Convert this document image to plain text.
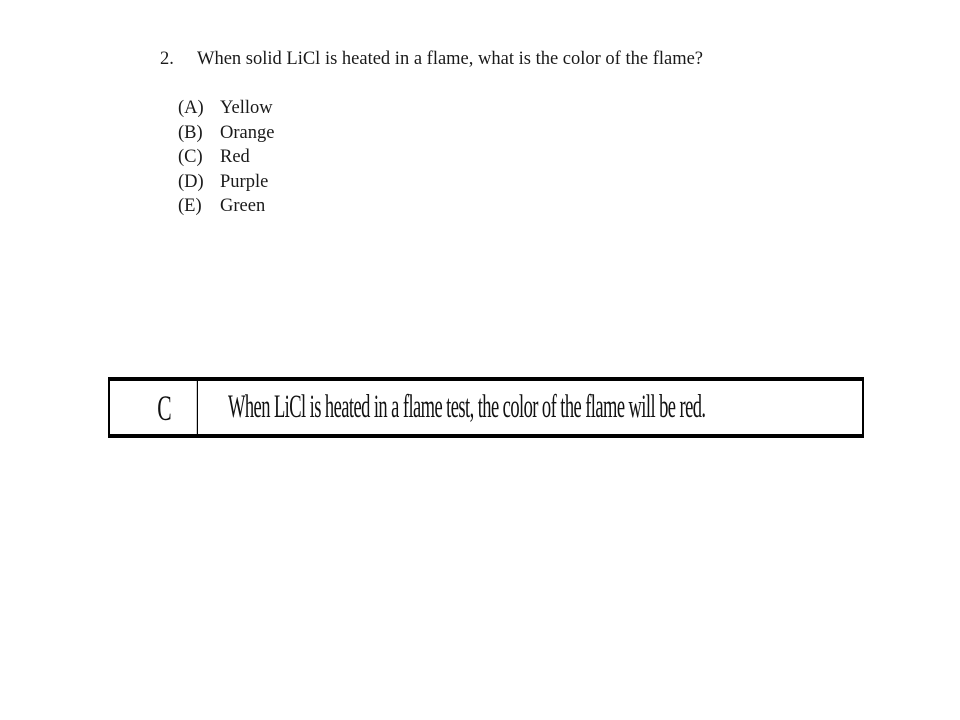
2. When solid LiCl is heated in a flame, what is the color of the flame?
(A) Yellow
(B) Orange
(C) Red
(D) Purple
(E) Green
C	When LiCl is heated in a flame test, the color of the flame will be red.
